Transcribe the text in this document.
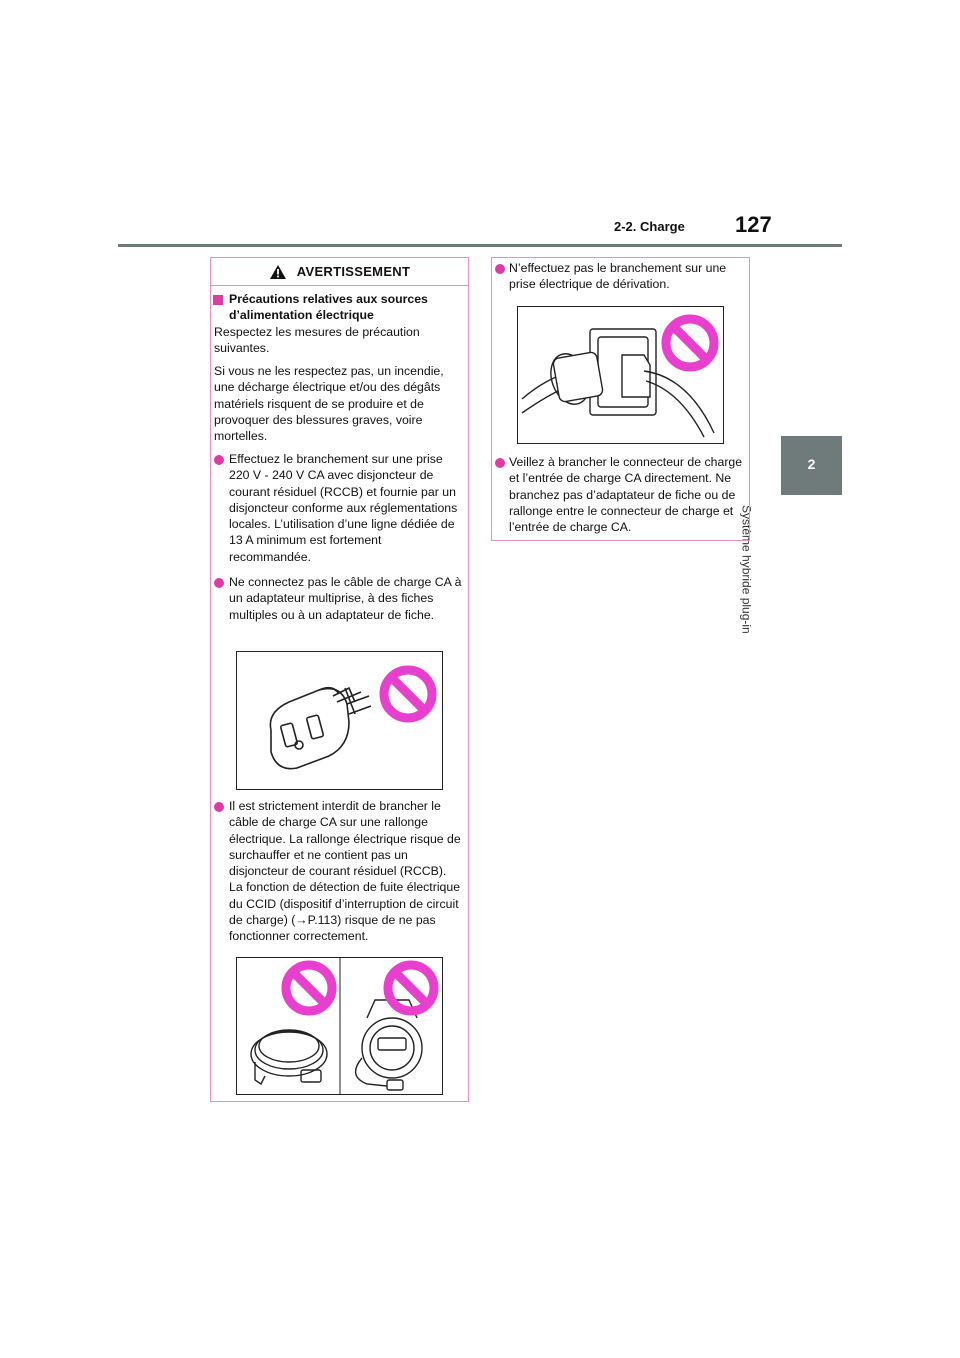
2-2. Charge 127
2
Système hybride plug-in
AVERTISSEMENT
Précautions relatives aux sources d’alimentation électrique
Respectez les mesures de précaution suivantes.
Si vous ne les respectez pas, un incendie, une décharge électrique et/ou des dégâts matériels risquent de se produire et de provoquer des blessures graves, voire mortelles.
Effectuez le branchement sur une prise 220 V - 240 V CA avec disjoncteur de courant résiduel (RCCB) et fournie par un disjoncteur conforme aux réglementations locales. L’utilisation d’une ligne dédiée de 13 A minimum est fortement recommandée.
Ne connectez pas le câble de charge CA à un adaptateur multiprise, à des fiches multiples ou à un adaptateur de fiche.
Il est strictement interdit de brancher le câble de charge CA sur une rallonge électrique. La rallonge électrique risque de surchauffer et ne contient pas un disjoncteur de courant résiduel (RCCB). La fonction de détection de fuite électrique du CCID (dispositif d’interruption de circuit de charge) (→P.113) risque de ne pas fonctionner correctement.
N’effectuez pas le branchement sur une prise électrique de dérivation.
Veillez à brancher le connecteur de charge et l’entrée de charge CA directement. Ne branchez pas d’adaptateur de fiche ou de rallonge entre le connecteur de charge et l’entrée de charge CA.
